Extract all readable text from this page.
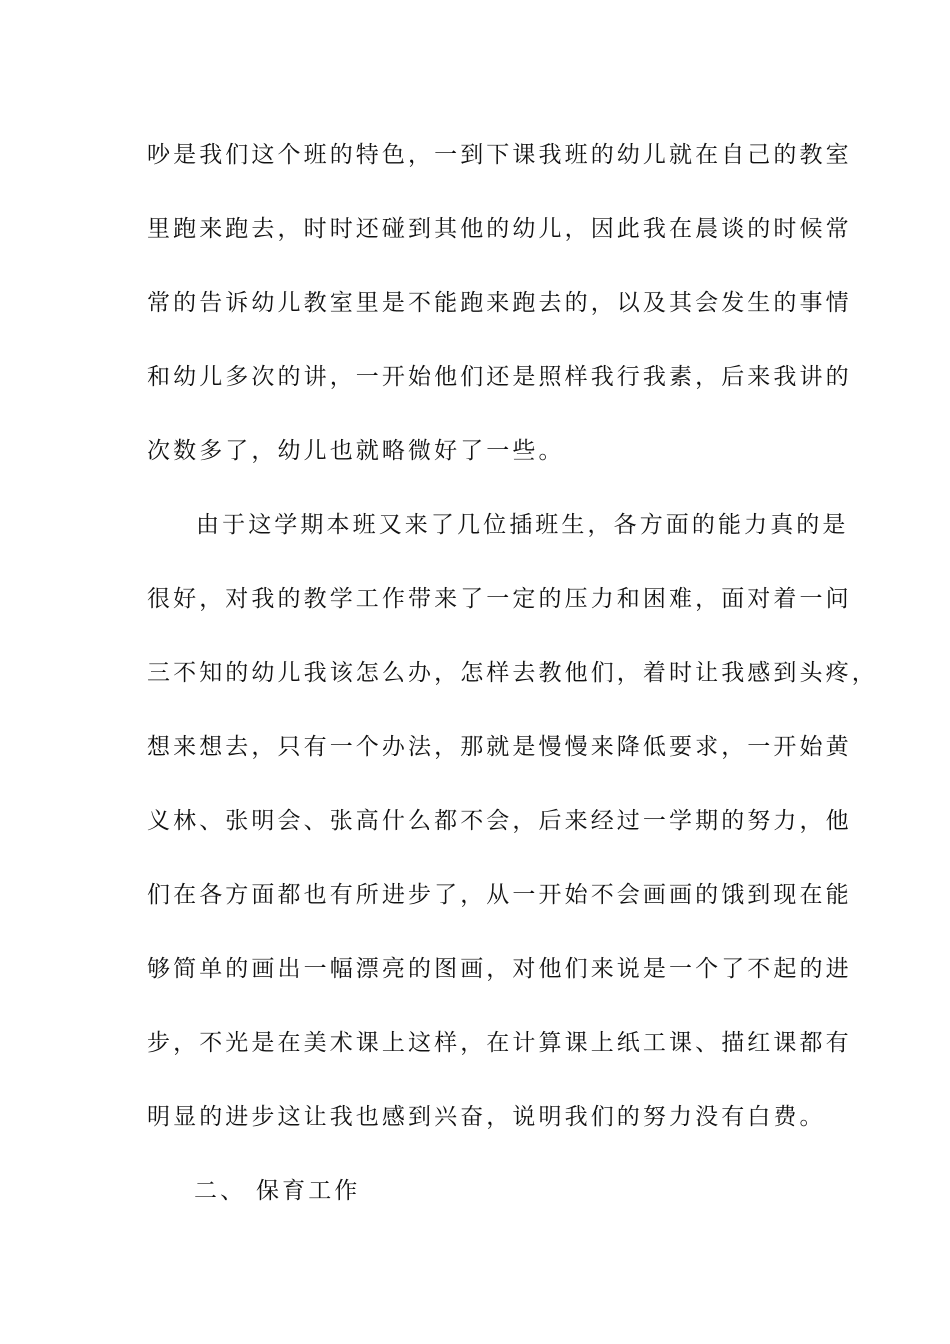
吵是我们这个班的特色，一到下课我班的幼儿就在自己的教室
里跑来跑去，时时还碰到其他的幼儿，因此我在晨谈的时候常
常的告诉幼儿教室里是不能跑来跑去的，以及其会发生的事情
和幼儿多次的讲，一开始他们还是照样我行我素，后来我讲的
次数多了，幼儿也就略微好了一些。
由于这学期本班又来了几位插班生，各方面的能力真的是
很好，对我的教学工作带来了一定的压力和困难，面对着一问
三不知的幼儿我该怎么办，怎样去教他们，着时让我感到头疼，
想来想去，只有一个办法，那就是慢慢来降低要求，一开始黄
义林、张明会、张高什么都不会，后来经过一学期的努力，他
们在各方面都也有所进步了，从一开始不会画画的饿到现在能
够简单的画出一幅漂亮的图画，对他们来说是一个了不起的进
步，不光是在美术课上这样，在计算课上纸工课、描红课都有
明显的进步这让我也感到兴奋，说明我们的努力没有白费。
二、 保育工作
